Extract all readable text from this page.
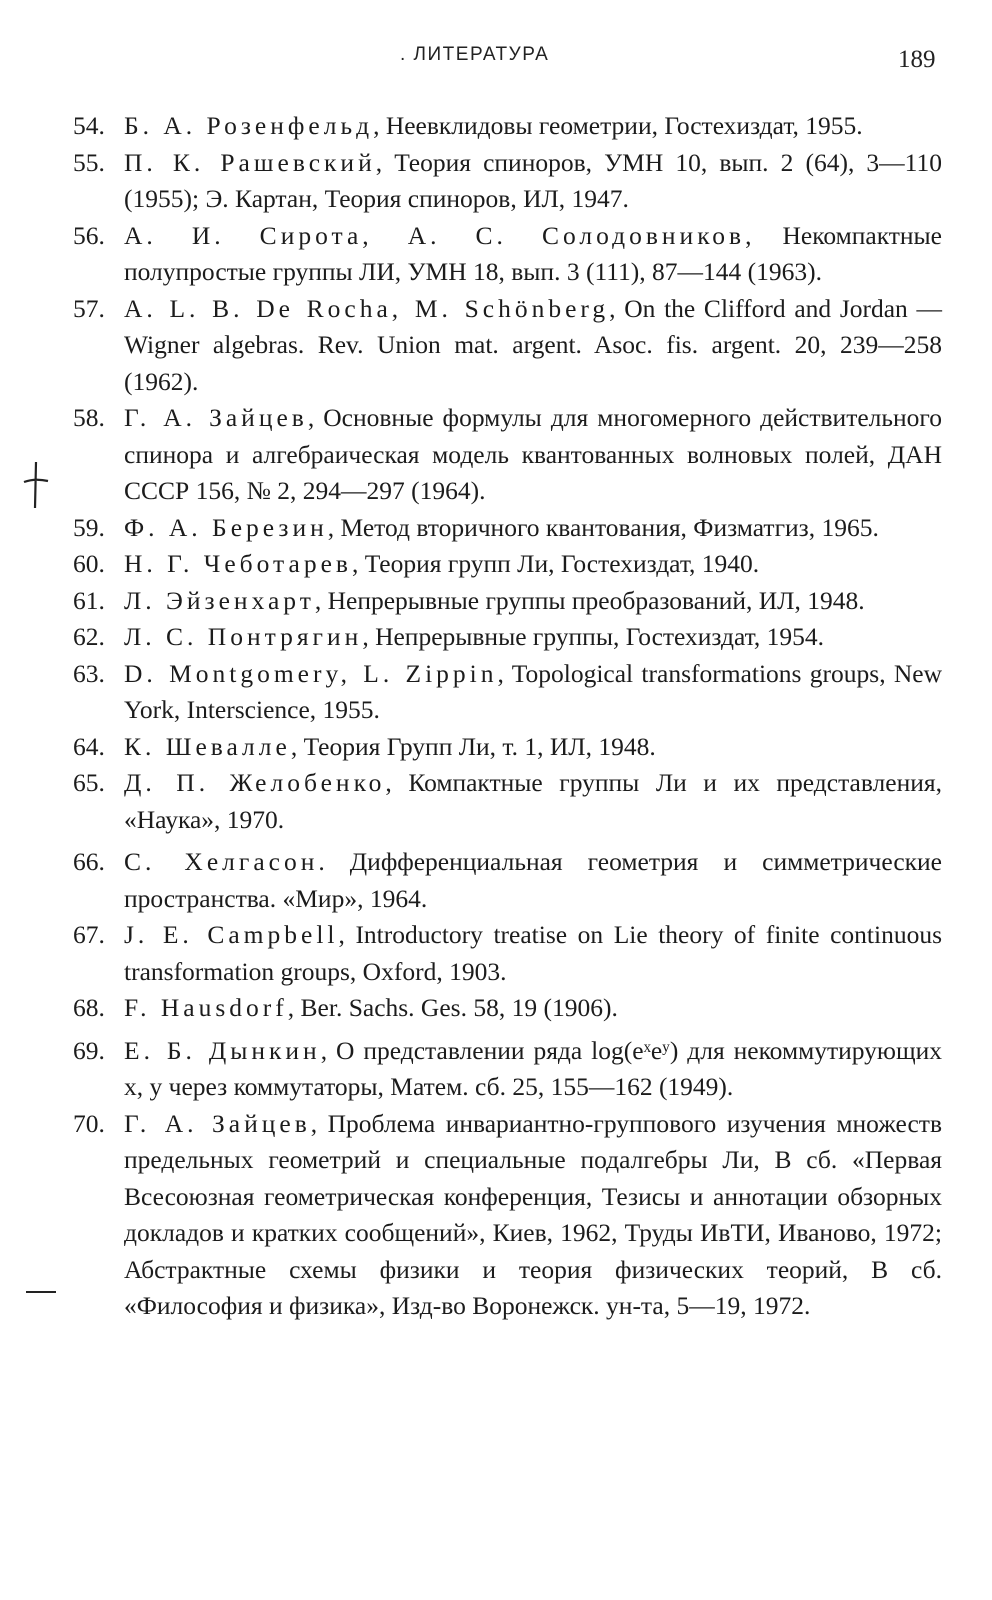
. ЛИТЕРАТУРА	189
54. Б. А. Розенфельд, Неевклидовы геометрии, Гостехиздат, 1955.
55. П. К. Рашевский, Теория спиноров, УМН 10, вып. 2 (64), 3—110 (1955); Э. Картан, Теория спиноров, ИЛ, 1947.
56. А. И. Сирота, А. С. Солодовников, Некомпактные полупростые группы ЛИ, УМН 18, вып. 3 (111), 87—144 (1963).
57. A. L. B. De Rocha, M. Schönberg, On the Clifford and Jordan — Wigner algebras. Rev. Union mat. argent. Asoc. fis. argent. 20, 239—258 (1962).
58. Г. А. Зайцев, Основные формулы для многомерного действительного спинора и алгебраическая модель квантованных волновых полей, ДАН СССР 156, № 2, 294—297 (1964).
59. Ф. А. Березин, Метод вторичного квантования, Физматгиз, 1965.
60. Н. Г. Чеботарев, Теория групп Ли, Гостехиздат, 1940.
61. Л. Эйзенхарт, Непрерывные группы преобразований, ИЛ, 1948.
62. Л. С. Понтрягин, Непрерывные группы, Гостехиздат, 1954.
63. D. Montgomery, L. Zippin, Topological transformations groups, New York, Interscience, 1955.
64. К. Шевалле, Теория Групп Ли, т. 1, ИЛ, 1948.
65. Д. П. Желобенко, Компактные группы Ли и их представления, «Наука», 1970.
66. С. Хелгасон. Дифференциальная геометрия и симметрические пространства. «Мир», 1964.
67. J. E. Campbell, Introductory treatise on Lie theory of finite continuous transformation groups, Oxford, 1903.
68. F. Hausdorf, Ber. Sachs. Ges. 58, 19 (1906).
69. Е. Б. Дынкин, О представлении ряда log(eˣeʸ) для некоммутирующих x, y через коммутаторы, Матем. сб. 25, 155—162 (1949).
70. Г. А. Зайцев, Проблема инвариантно-группового изучения множеств предельных геометрий и специальные подалгебры Ли, В сб. «Первая Всесоюзная геометрическая конференция, Тезисы и аннотации обзорных докладов и кратких сообщений», Киев, 1962, Труды ИвТИ, Иваново, 1972; Абстрактные схемы физики и теория физических теорий, В сб. «Философия и физика», Изд-во Воронежск. ун-та, 5—19, 1972.
